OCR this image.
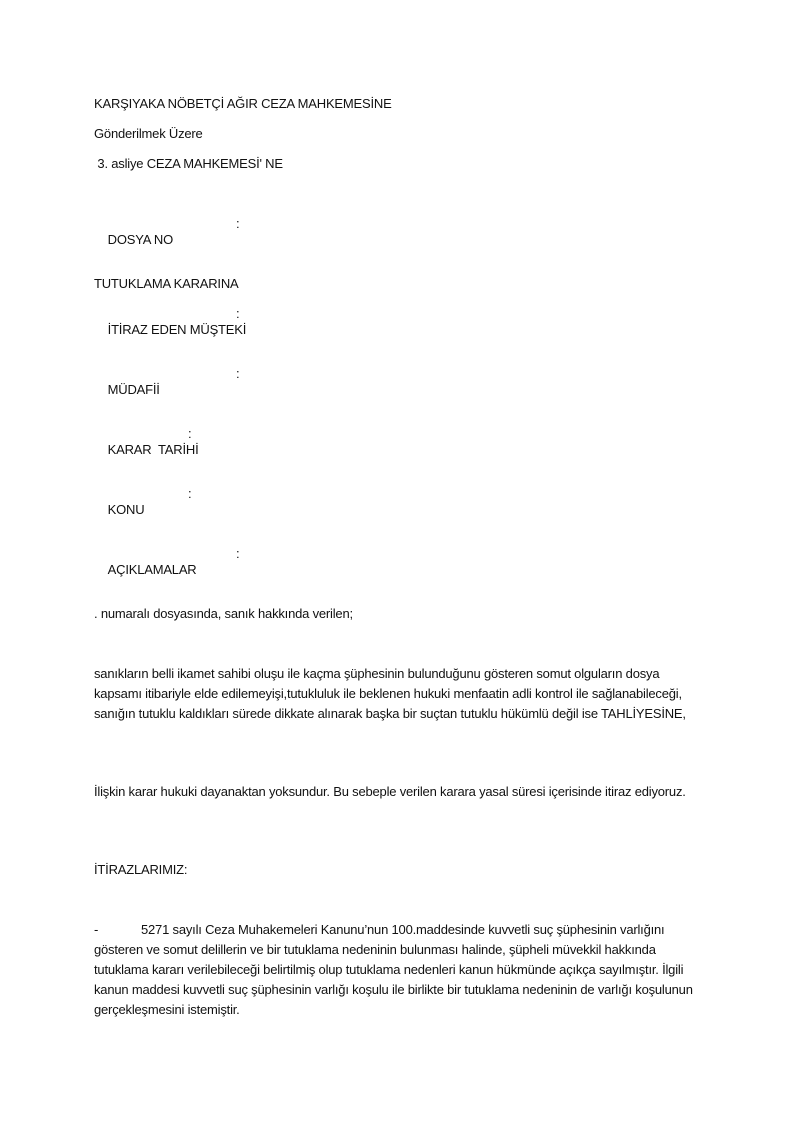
KARŞIYAKA NÖBETÇİ AĞIR CEZA MAHKEMESİNE
Gönderilmek Üzere
3. asliye CEZA MAHKEMESİ' NE

DOSYA NO

:

TUTUKLAMA KARARINA

İTİRAZ EDEN MÜŞTEKİ

:

MÜDAFİİ

:

KARAR  TARİHİ

:

KONU

:

AÇIKLAMALAR

:

. numaralı dosyasında, sanık hakkında verilen;
sanıkların belli ikamet sahibi oluşu ile kaçma şüphesinin bulunduğunu gösteren somut olguların dosya kapsamı itibariyle elde edilemeyişi,tutukluluk ile beklenen hukuki menfaatin adli kontrol ile sağlanabileceği, sanığın tutuklu kaldıkları sürede dikkate alınarak başka bir suçtan tutuklu hükümlü değil ise TAHLİYESİNE,
İlişkin karar hukuki dayanaktan yoksundur. Bu sebeple verilen karara yasal süresi içerisinde itiraz ediyoruz.
İTİRAZLARIMIZ:
-	5271 sayılı Ceza Muhakemeleri Kanunu’nun 100.maddesinde kuvvetli suç şüphesinin varlığını gösteren ve somut delillerin ve bir tutuklama nedeninin bulunması halinde, şüpheli müvekkil hakkında tutuklama kararı verilebileceği belirtilmiş olup tutuklama nedenleri kanun hükmünde açıkça sayılmıştır. İlgili kanun maddesi kuvvetli suç şüphesinin varlığı koşulu ile birlikte bir tutuklama nedeninin de varlığı koşulunun gerçekleşmesini istemiştir.
